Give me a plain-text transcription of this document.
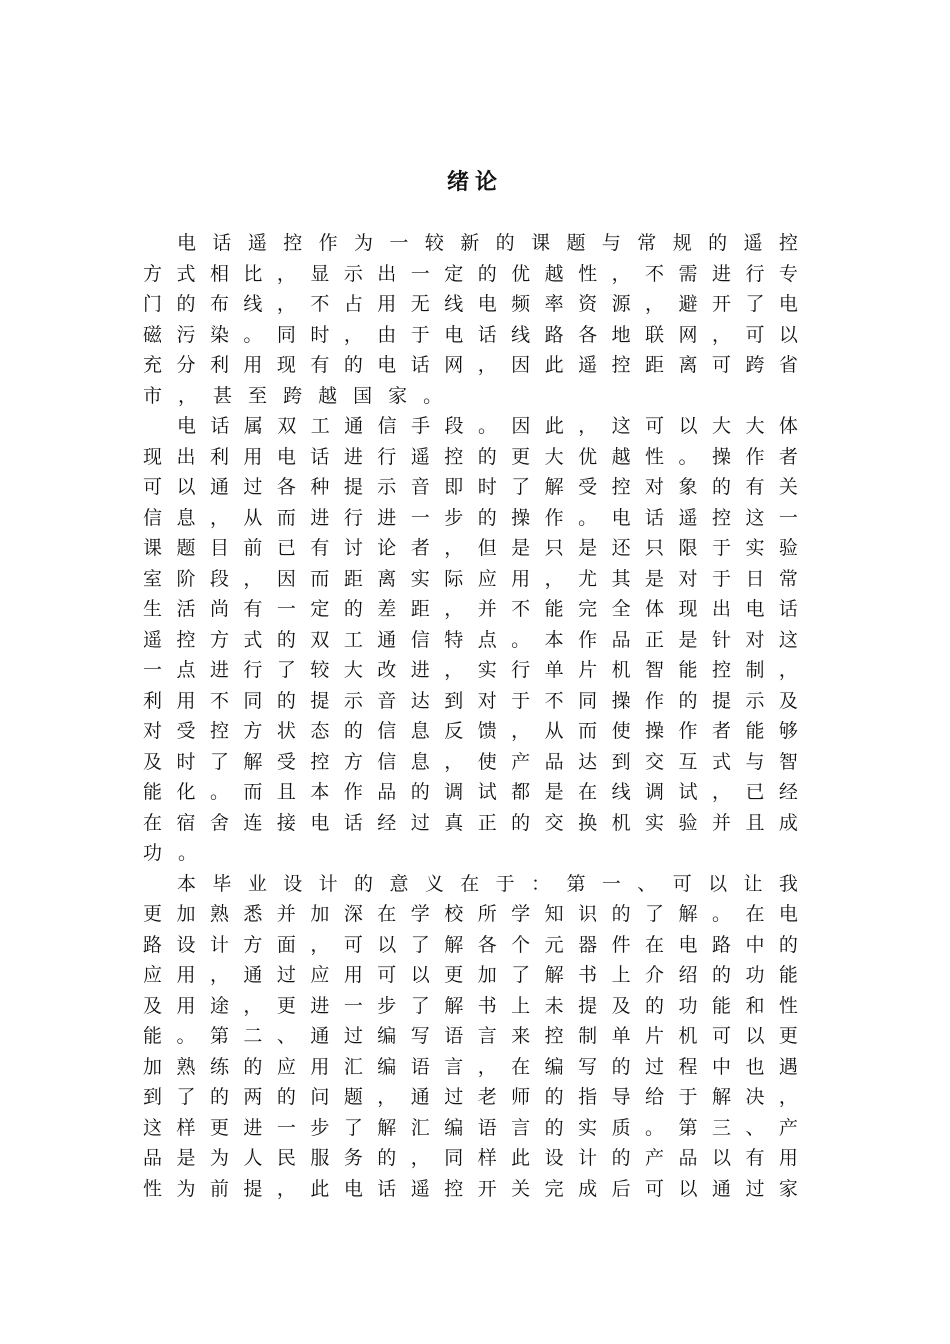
绪论
电 话 遥 控 作 为 一 较 新 的 课 题 与 常 规 的 遥 控
方 式 相 比 ， 显 示 出 一 定 的 优 越 性 ， 不 需 进 行 专
门 的 布 线 ， 不 占 用 无 线 电 频 率 资 源 ， 避 开 了 电
磁 污 染 。 同 时 ， 由 于 电 话 线 路 各 地 联 网 ， 可 以
充 分 利 用 现 有 的 电 话 网 ， 因 此 遥 控 距 离 可 跨 省
市 ， 甚 至 跨 越 国 家 。
电 话 属 双 工 通 信 手 段 。 因 此 ， 这 可 以 大 大 体
现 出 利 用 电 话 进 行 遥 控 的 更 大 优 越 性 。 操 作 者
可 以 通 过 各 种 提 示 音 即 时 了 解 受 控 对 象 的 有 关
信 息 ， 从 而 进 行 进 一 步 的 操 作 。 电 话 遥 控 这 一
课 题 目 前 已 有 讨 论 者 ， 但 是 只 是 还 只 限 于 实 验
室 阶 段 ， 因 而 距 离 实 际 应 用 ， 尤 其 是 对 于 日 常
生 活 尚 有 一 定 的 差 距 ， 并 不 能 完 全 体 现 出 电 话
遥 控 方 式 的 双 工 通 信 特 点 。 本 作 品 正 是 针 对 这
一 点 进 行 了 较 大 改 进 ， 实 行 单 片 机 智 能 控 制 ，
利 用 不 同 的 提 示 音 达 到 对 于 不 同 操 作 的 提 示 及
对 受 控 方 状 态 的 信 息 反 馈 ， 从 而 使 操 作 者 能 够
及 时 了 解 受 控 方 信 息 ， 使 产 品 达 到 交 互 式 与 智
能 化 。 而 且 本 作 品 的 调 试 都 是 在 线 调 试 ， 已 经
在 宿 舍 连 接 电 话 经 过 真 正 的 交 换 机 实 验 并 且 成
功 。
本 毕 业 设 计 的 意 义 在 于 ： 第 一 、 可 以 让 我
更 加 熟 悉 并 加 深 在 学 校 所 学 知 识 的 了 解 。 在 电
路 设 计 方 面 ， 可 以 了 解 各 个 元 器 件 在 电 路 中 的
应 用 ， 通 过 应 用 可 以 更 加 了 解 书 上 介 绍 的 功 能
及 用 途 ， 更 进 一 步 了 解 书 上 未 提 及 的 功 能 和 性
能 。 第 二 、 通 过 编 写 语 言 来 控 制 单 片 机 可 以 更
加 熟 练 的 应 用 汇 编 语 言 ， 在 编 写 的 过 程 中 也 遇
到 了 的 两 的 问 题 ， 通 过 老 师 的 指 导 给 于 解 决 ，
这 样 更 进 一 步 了 解 汇 编 语 言 的 实 质 。 第 三 、 产
品 是 为 人 民 服 务 的 ， 同 样 此 设 计 的 产 品 以 有 用
性 为 前 提 ， 此 电 话 遥 控 开 关 完 成 后 可 以 通 过 家
